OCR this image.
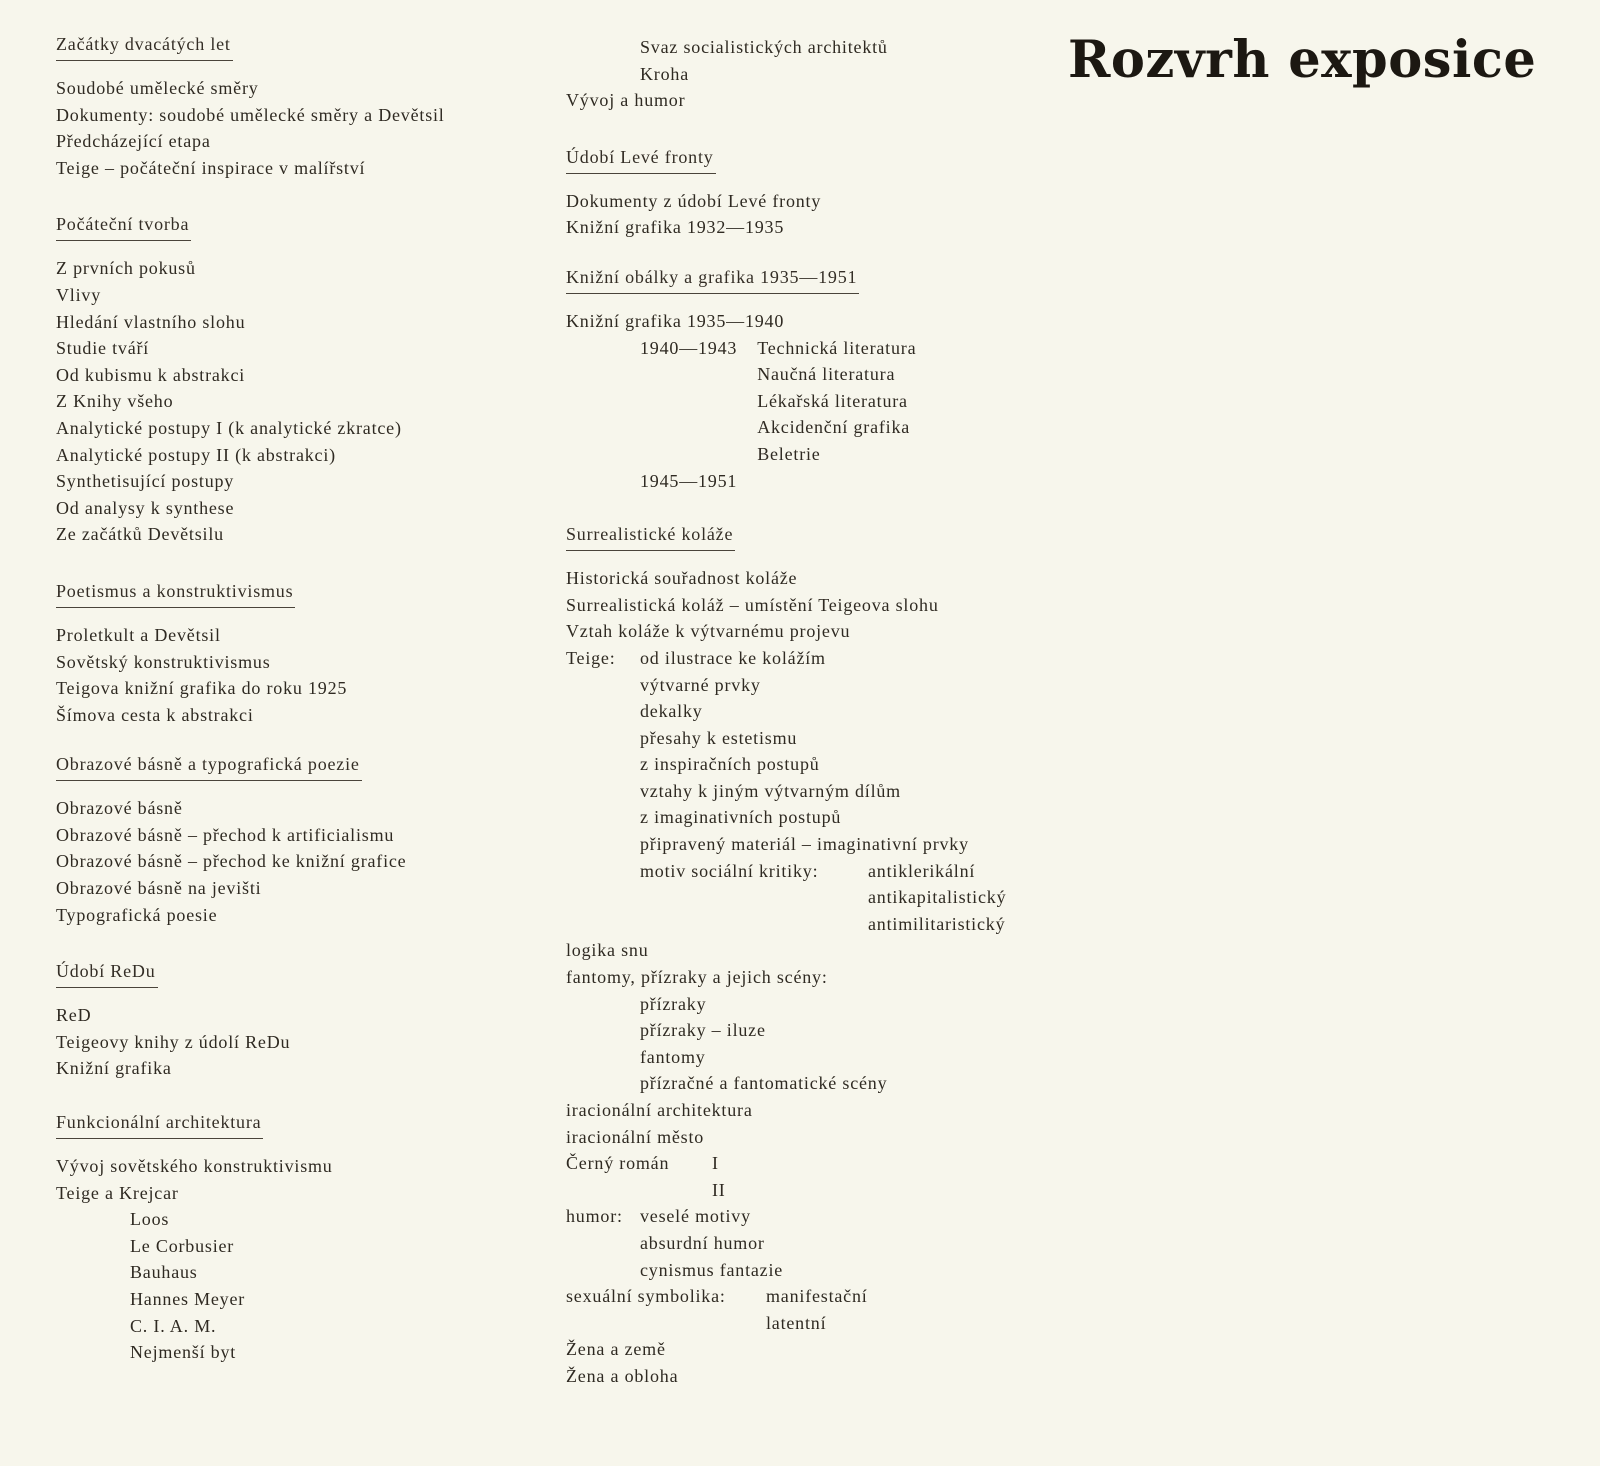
Rozvrh exposice
Začátky dvacátých let
Soudobé umělecké směry
Dokumenty: soudobé umělecké směry a Devětsil
Předcházející etapa
Teige – počáteční inspirace v malířství
Počáteční tvorba
Z prvních pokusů
Vlivy
Hledání vlastního slohu
Studie tváří
Od kubismu k abstrakci
Z Knihy všeho
Analytické postupy I (k analytické zkratce)
Analytické postupy II (k abstrakci)
Synthetisující postupy
Od analysy k synthese
Ze začátků Devětsilu
Poetismus a konstruktivismus
Proletkult a Devětsil
Sovětský konstruktivismus
Teigova knižní grafika do roku 1925
Šímova cesta k abstrakci
Obrazové básně a typografická poezie
Obrazové básně
Obrazové básně – přechod k artificialismu
Obrazové básně – přechod ke knižní grafice
Obrazové básně na jevišti
Typografická poesie
Údobí ReDu
ReD
Teigeovy knihy z údolí ReDu
Knižní grafika
Funkcionální architektura
Vývoj sovětského konstruktivismu
Teige a Krejcar
Loos
Le Corbusier
Bauhaus
Hannes Meyer
C. I. A. M.
Nejmenší byt
Svaz socialistických architektů
Kroha
Vývoj a humor
Údobí Levé fronty
Dokumenty z údobí Levé fronty
Knižní grafika 1932—1935
Knižní obálky a grafika 1935—1951
Knižní grafika 1935—1940
1940—1943 Technická literatura
Naučná literatura
Lékařská literatura
Akcidenční grafika
Beletrie
1945—1951
Surrealistické koláže
Historická souřadnost koláže
Surrealistická koláž – umístění Teigeova slohu
Vztah koláže k výtvarnému projevu
Teige: od ilustrace ke kolážím
výtvarné prvky
dekalky
přesahy k estetismu
z inspiračních postupů
vztahy k jiným výtvarným dílům
z imaginativních postupů
připravený materiál – imaginativní prvky
motiv sociální kritiky:	antiklerikální
antikapitalistický
antimilitaristický
logika snu
fantomy, přízraky a jejich scény:
přízraky
přízraky – iluze
fantomy
přízračné a fantomatické scény
iracionální architektura
iracionální město
Černý román I
II
humor: veselé motivy
absurdní humor
cynismus fantazie
sexuální symbolika: manifestační
latentní
Žena a země
Žena a obloha
